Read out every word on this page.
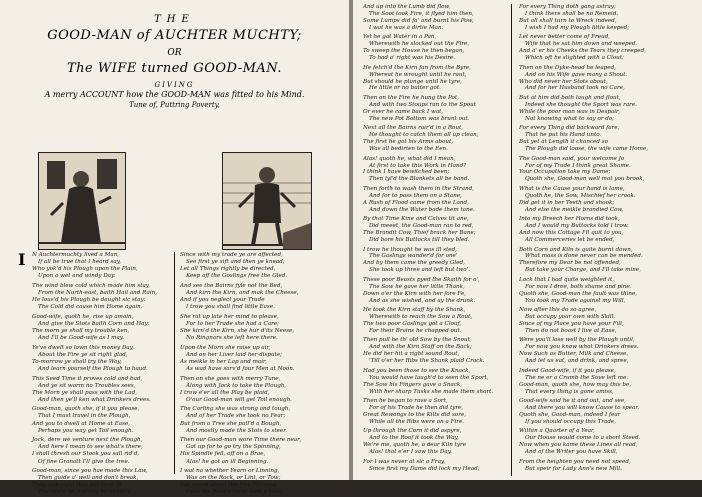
THE
GOOD-MAN of AUCHTER MUCHTY;
OR
The WIFE turned GOOD-MAN.
GIVING
A merry ACCOUNT how the GOOD-MAN was fitted to his Mind.
Tune of, Puttring Poverty,
I	N Auchtermuchty lived a Man,
If all be true that I heard say,
Who yok'd his Plough upon the Plain,
Upon a wet and windy Day.
The wind blew cold which made him stay,
From the North-east, baith Hail and Rain,
He lous'd his Plough be daught sic stay;
The Cold did cause him Home again.
Good-wife, quoth he, rise up amain,
And give the Stots baith Corn and Hay;
The morn ye shall my trouble ken,
And I'll be Good-wife as I may.
Ye've dwelt so lown this money Day,
About the Fire ye sit right glad,
To-morrow ye shall try the Way,
And learn yourself the Plough to haud.
This Seed Time it proves cold and bad,
And ye sit warm no Troubles sees,
The Morn ye shall pass with the Lad,
And then ye'll ken what Drinkers drees.
Good-man, quoth she, if it you please,
That I must travel in the Plough,
And you to dwell at Home at Ease,
Perhaps you way get Toil enough.
Jock, dere we venture next the Plough,
And here I mean to see what's there,
I shall thresh our Stook you sall rid'd,
Of fine Granatt I'll give the tree.
Good-man, since you hae made this Law,
Then guide a' well and don't break,
They rule right that did'na'er fa
Therefore let nothing be neglect.
Since with my trade ye are affected,
See first ye sift and then ye knead;
Let all Things rightly be directed,
Keep aff the Goslings free the Gled.
And see the Bairns fyle not the Bed,
And kirn the Kirn, and mak the Cheese,
And if you neglect your Trade
I trow you shall find little Ease.
She rat up late her mind to please,
For to her Trade she had a Care;
She kirn'd the Kirn, she hur d'its Neese,
No Ringnars she left here there.
Upon the Morn she raise up air,
And on her Liver laid her dispute;
As meikle in her Lap and mair,
As wad have sarv'd four Men at Noon.
Then on she goes with merry Tune,
Along with Jock to take the Plough,
I trow e'er all the Play be plaid,
O'our Good-man will get Toil enough.
The Carling she was strong and tough,
And of her Trade she took no Fear;
But from a Tree she pull'd a Bough,
And mostly made the Stots to steer.
Then our Good-man wore Time there near,
Gat up for to go try the Spinning,
His Spindle fell, off on a Brae,
Alas! he got an ill Beginning.
I wat na whether Yearn or Linning,
Was on the Rock, or Lint, or Tow;
But round about the Fire Winning,
I wat his Rock's Head took a Low;
And up into the Lumb did flow,
The Soot took Fire, it flyed him then,
Some Lumps did fa' and burnt his Pow,
I wat he was a dirtie Man.
Yet he gat Water in a Pan,
Wherewith he slocked out the Fire,
To sweep the House he then began,
To had a' right was his Desire.
He fetch'd the Kirn fan from the Byre,
Whereat he wrought until he raut,
But should he plunge until he tyre,
He little or no butter got.
Then on the Fire he hung the Pot,
And with two Stoups ran to the Spout
Or ever he came back I wat,
The new Pot Bottom was brunt out.
Next all the Bairns rair'd in a Rout,
He thought to catch them all up clean,
The first he got his Arms about,
Was all bedirten to the Een.
Alas! quoth he, what did I mean,
At first to take this Work in Hand?
I think I have bewitched been;
Then lyl'd the Blankets all be band.
Then forth to wash them in the Strand,
And for to pass them on a Stane,
A Rush of Flood came from the Land,
And down the Water bade them tane.
By that Time Kine and Calves tit ane,
Did meeet, the Good-man ran to red,
The Brandit Cow, Thief brack her Bane;
Did bore his Buttocks till they bled.
I trow he thought he was ill sted,
The Gaslings wander'd for one'
And by them came the greedy Gled,
She took up three and left but two'.
These poor Beasts pyed the Skaith for o',
The Sow he gave her little Thank,
Down o'er the Kirn with her fore Fe,
And as she wished, and ay the drunk.
He took the Kirn staff by the Shank,
Wherewith to reach the Sow a Rout,
The two poor Gaslings got a Clouf,
For their Brains he chapped out.
Then pull he th' old Sow by the Snout,
And with the Kirn Staff on the Back;
He did her hit a right sound Rout,
'Till o'er her Ribs the Shank plaid Crack.
Had you been those to see the Knack,
You would have laugh'd to seen the Sport,
The Sow his Fingers gave a Snack,
With her sharp Tusks she made them short.
Then he began to rave a Sort,
For of his Trade he then did tyre,
Great Rewangs to the Kilts did sore,
While all the Ribs were on a Fire.
Up through the Corn it did aspyre,
And to the Roof it took the Way,
We're me, quoth he, a dear Kiln tyre
Alas! that e'er I saw this Day.
For I was never at sic a Fray,
Since first my Dame did lock my Head;
For every Thing doth gang astray;
I think there shall be no Remeid.
But all shall turn to Wreck indeed,
I wish I had my Plough little keeped;
Let never better come of Freud,
Wife that he sat him down and weeped.
And a' er his Cheeks the Tears they creeped,
Which oft he slighted with a Clout;
Then on the Dyke-head he leaped,
And on his Wife gave many a Shout.
Who did never her Stots about,
And for her Husband took no Care,
But at him did both laugh and flout,
Indeed she thought the Sport was rare.
While the poor man was in Despair,
Not knowing what to say or do;
For every Thing did backward fare,
That he put his Hand unto.
But yet at Length it chanced so
The Plough did loose, the wife came Home,
The Good-man said, your welcome Jo
For of my Trade I think great Shame.
Your Occupation take my Dame;
Quoth she, Good-man well mat you brook,
What is the Cause your hand is lame,
Quoth he, the Sow, Mischief her crook.
Did get it in her Teeth and shook;
And else the meikle brandied Cow,
Into my Breech her Horns did took,
And I would my Buttocks told I trow.
And now this Cottage I'll quit to you,
All Commerceries let be ended,
Both Corn and Kiln is quite burnt down,
What mass is done never can be mended.
Therefore my Dear be not offended,
But take your Charge, and I'll take mine,
Lock that I had quite weighted it,
For now I dree, both shame and pine.
Quoth she, Good-man the fault was thine,
You took my Trade against my Will,
Now after this do so agree,
But occupy your own with Skill.
Since of my Place you have your Fill,
Then do not boast I live at Ease,
Were you'll lose well by the Plough until,
For now you know what Drinkers drees.
Now Such as Butter, Milk and Cheese,
And let us eat, and drink, and spree,
Indeed Good-wife, if it you please,
The ne er a Crumb the Sove left me.
Good-man, quoth she, how may this be,
That every thing is gone amiss,
Good-wife said he it and out, and see,
And there you will know Cause to spear.
Quoth she, Good-man, indeed I fear
If you should occupy this Trade,
Within a Quarter of a Year,
Our House would come to a short Steed.
Now when you kame these Lines all read,
And of the Writer you have Skill,
From the heighten you need not speed,
But speir for Lady Ann's new Mill.
